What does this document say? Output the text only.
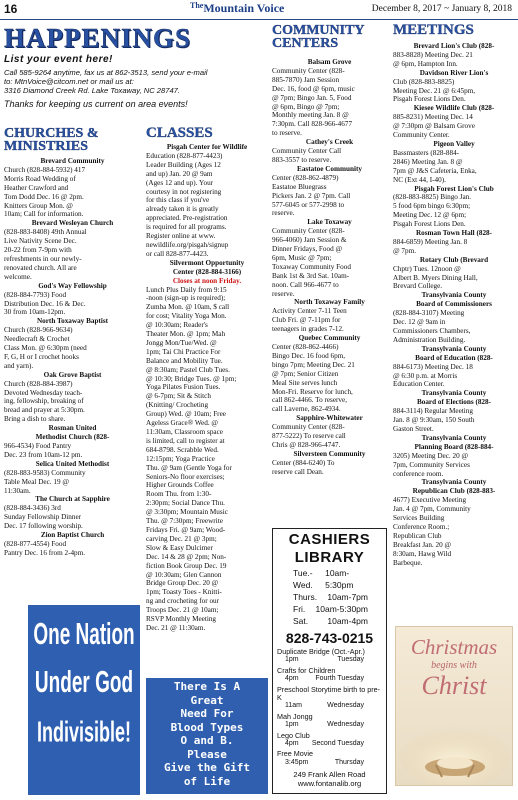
16	$^{The}$Mountain Voice	December 8, 2017 ~ January 8, 2018
HAPPENINGS
List your event here!
Call 585-9264 anytime, fax us at 862-3513, send your e-mail
to: MtnVoice@citcom.net or mail us at:
3316 Diamond Creek Rd. Lake Toxaway, NC 28747.
Thanks for keeping us current on area events!
CHURCHES &
MINISTRIES
Brevard Community
Church (828-884-5932) 417
Morris Road Wedding of
Heather Crawford and
Tom Dodd Dec. 16 @ 2pm.
Knitters Group Mon. @
10am; Call for information.
Brevard Wesleyan Church
(828-883-8408) 49th Annual
Live Nativity Scene Dec.
20-22 from 7-9pm with
refreshments in our newly-
renovated church. All are
welcome.
God's Way Fellowship
(828-884-7793) Food
Distribution Dec. 16 & Dec.
30 from 10am-12pm.
North Toxaway Baptist
Church (828-966-9634)
Needlecraft & Crochet
Class Mon. @ 6:30pm (need
F, G, H or I crochet hooks
and yarn).
Oak Grove Baptist
Church (828-884-3987)
Devoted Wednesday teach-
ing, fellowship, breaking of
bread and prayer at 5:30pm.
Bring a dish to share.
Rosman United
Methodist Church (828-
966-4534) Food Pantry
Dec. 23 from 10am-12 pm.
Selica United Methodist
(828-883-9583) Community
Table Meal Dec. 19 @
11:30am.
The Church at Sapphire
(828-884-3436) 3rd
Sunday Fellowship Dinner
Dec. 17 following worship.
Zion Baptist Church
(828-877-4554) Food
Pantry Dec. 16 from 2-4pm.
CLASSES
Pisgah Center for Wildlife
Education (828-877-4423)
Leader Building (Ages 12
and up) Jan. 20 @ 9am
(Ages 12 and up). Your
courtesy in not registering
for this class if you've
already taken it is greatly
appreciated. Pre-registration
is required for all programs.
Register online at www.
newildlife.org/pisgah/signup
or call 828-877-4423.
Silvermont Opportunity
Center (828-884-3166)
Closes at noon Friday.
Lunch Plus Daily from 9:15
-noon (sign-up is required);
Zumba Mon. @ 10am, $ call
for cost; Vitality Yoga Mon.
@ 10:30am; Reader's
Theater Mon. @ 1pm; Mah
Jongg Mon/Tue/Wed. @
1pm; Tai Chi Practice For
Balance and Mobility Tue.
@ 8:30am; Pastel Club Tues.
@ 10:30; Bridge Tues. @ 1pm;
Yoga Pilates Fusion Tues.
@ 6-7pm; Sit & Stitch
(Knitting/ Crocheting
Group) Wed. @ 10am; Free
Ageless Grace® Wed. @
11:30am, Classroom space
is limited, call to register at
684-8798. Scrabble Wed.
12:15pm; Yoga Practice
Thu. @ 9am (Gentle Yoga for
Seniors-No floor exercises;
Higher Grounds Coffee
Room Thu. from 1:30-
2:30pm; Social Dance Thu.
@ 3:30pm; Mountain Music
Thu. @ 7:30pm; Freewrite
Fridays Fri. @ 9am; Wood-
carving Dec. 21 @ 3pm;
Slow & Easy Dulcimer
Dec. 14 & 28 @ 2pm; Non-
fiction Book Group Dec. 19
@ 10:30am; Glen Cannon
Bridge Group Dec. 20 @
1pm; Toasty Toes - Knitti-
ng and crocheting for our
Troops Dec. 21 @ 10am;
RSVP Monthly Meeting
Dec. 21 @ 11:30am.
COMMUNITY
CENTERS
Balsam Grove
Community Center (828-
885-7870) Jam Session
Dec. 16, food @ 6pm, music
@ 7pm; Bingo Jan. 5, Food
@ 6pm, Bingo @ 7pm;
Monthly meeting Jan. 8 @
7:30pm. Call 828-966-4677
to reserve.
Cathey's Creek
Community Center Call
883-3557 to reserve.
Eastatoe Community
Center (828-862-4879)
Eastatoe Bluegrass
Pickers Jan. 2 @ 7pm. Call
577-6045 or 577-2998 to
reserve.
Lake Toxaway
Community Center (828-
966-4060) Jam Session &
Dinner Fridays, Food @
6pm, Music @ 7pm;
Toxaway Community Food
Bank 1st & 3rd Sat. 10am-
noon. Call 966-4677 to
reserve.
North Toxaway Family
Activity Center 7-11 Teen
Club Fri. @ 7-11pm for
teenagers in grades 7-12.
Quebec Community
Center (828-862-4466)
Bingo Dec. 16 food 6pm,
bingo 7pm; Meeting Dec. 21
@ 7pm; Senior Citizen
Meal Site serves lunch
Mon-Fri. Reserve for lunch,
call 862-4466. To reserve,
call Laverne, 862-4934.
Sapphire-Whitewater
Community Center (828-
877-5222) To reserve call
Chris @ 828-966-4747.
Silversteen Community
Center (884-6240) To
reserve call Dean.
MEETINGS
Brevard Lion's Club (828-
883-8828) Meeting Dec. 21
@ 6pm, Hampton Inn.
Davidson River Lion's
Club (828-883-8825)
Meeting Dec. 21 @ 6:45pm,
Pisgah Forest Lions Den.
Kiesee Wildlife Club (828-
885-8231) Meeting Dec. 14
@ 7:30pm @ Balsam Grove
Community Center.
Pigeon Valley
Bassmasters (828-884-
2846) Meeting Jan. 8 @
7pm @ J&S Cafeteria, Enka,
NC (Ext 44, I-40).
Pisgah Forest Lion's Club
(828-883-8825) Bingo Jan.
5 food 6pm bingo 6:30pm;
Meeting Dec. 12 @ 6pm;
Pisgah Forest Lions Den.
Rosman Town Hall (828-
884-6859) Meeting Jan. 8
@ 7pm.
Rotary Club (Brevard
Chptr) Tues. 12noon @
Albert B. Myers Dining Hall,
Brevard College.
Transylvania County
Board of Commissioners
(828-884-3107) Meeting
Dec. 12 @ 9am in
Commissioners Chambers,
Administration Building.
Transylvania County
Board of Education (828-
884-6173) Meeting Dec. 18
@ 6:30 p.m. at Morris
Education Center.
Transylvania County
Board of Elections (828-
884-3114) Regular Meeting
Jan. 8 @ 9:30am, 150 South
Gaston Street.
Transylvania County
Planning Board (828-884-
3205) Meeting Dec. 20 @
7pm, Community Services
conference room.
Transylvania County
Republican Club (828-883-
4677) Executive Meeting
Jan. 4 @ 7pm, Community
Services Building
Conference Room.;
Republican Club
Breakfast Jan. 20 @
8:30am, Hawg Wild
Barbeque.
One Nation
Under God
Indivisible!
There Is A
Great
Need For
Blood Types
O and B.
Please
Give the Gift
of Life
CASHIERS LIBRARY
Tue.-Wed.
10am-5:30pm
Thurs. 10am-7pm
Fri. 10am-5:30pm
Sat. 10am-4pm
828-743-0215
Duplicate Bridge (Oct.-Apr.)
1pm	Tuesday
Crafts for Children
4pm Fourth Tuesday
Preschool Storytime birth to pre-K
11am	Wednesday
Mah Jongg
1pm	Wednesday
Lego Club
4pm Second Tuesday
Free Movie
3:45pm	Thursday
249 Frank Allen Road
www.fontanalib.org
Christmas
begins with
Christ
